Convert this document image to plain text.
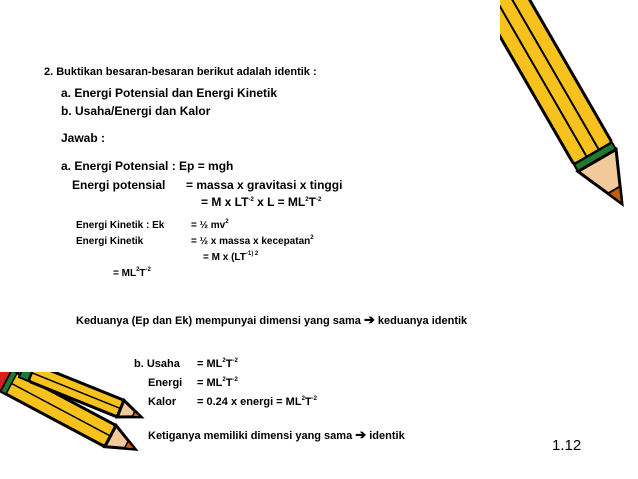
2. Buktikan besaran-besaran berikut adalah identik :
a. Energi Potensial dan Energi Kinetik
b. Usaha/Energi dan Kalor
Jawab :
a. Energi Potensial : Ep = mgh
Energi potensial = massa x gravitasi x tinggi
= M x $LT^{-2}$ x $L = ML^2T^{-2}$
Energi Kinetik : Ek	= ½ $mv^2$
Energi Kinetik	= ½ x massa x kecepatan$^2$
= M x ($LT^{-1) 2}$
= $ML^2T^{-2}$
Keduanya (Ep dan Ek) mempunyai dimensi yang sama ➔ keduanya identik
b. Usaha = $ML^2T^{-2}$
Energi = $ML^2T^{-2}$
Kalor = 0.24 x energi = $ML^2T^{-2}$
Ketiganya memiliki dimensi yang sama ➔ identik
1.12
